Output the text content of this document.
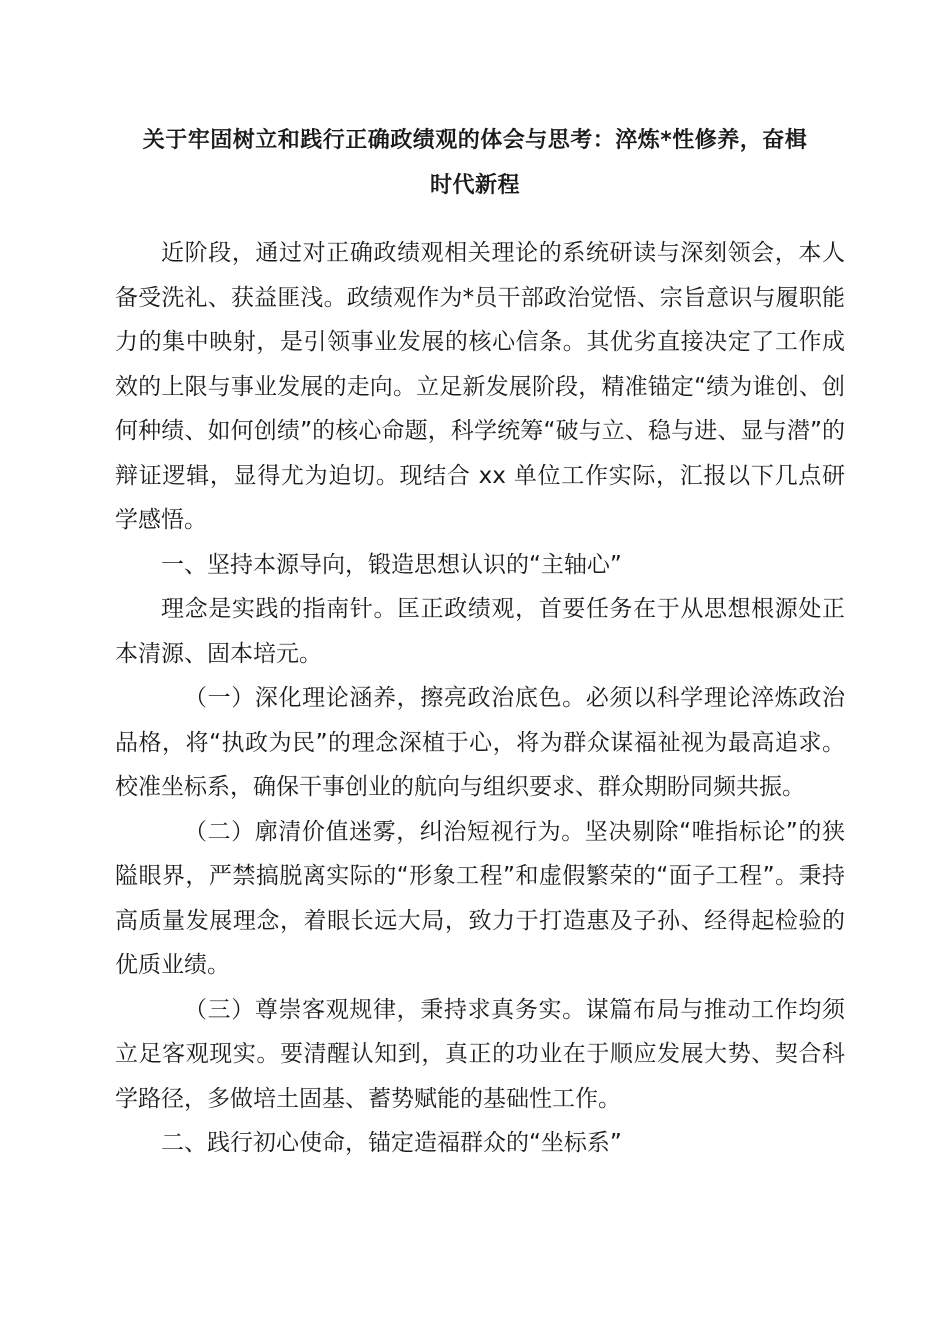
关于牢固树立和践行正确政绩观的体会与思考：淬炼*性修养，奋楫
时代新程

近阶段，通过对正确政绩观相关理论的系统研读与深刻领会，本人备受洗礼、获益匪浅。政绩观作为*员干部政治觉悟、宗旨意识与履职能力的集中映射，是引领事业发展的核心信条。其优劣直接决定了工作成效的上限与事业发展的走向。立足新发展阶段，精准锚定“绩为谁创、创何种绩、如何创绩”的核心命题，科学统筹“破与立、稳与进、显与潜”的辩证逻辑，显得尤为迫切。现结合 xx 单位工作实际，汇报以下几点研学感悟。

一、坚持本源导向，锻造思想认识的“主轴心”

理念是实践的指南针。匡正政绩观，首要任务在于从思想根源处正本清源、固本培元。

（一）深化理论涵养，擦亮政治底色。必须以科学理论淬炼政治品格，将“执政为民”的理念深植于心，将为群众谋福祉视为最高追求。校准坐标系，确保干事创业的航向与组织要求、群众期盼同频共振。

（二）廓清价值迷雾，纠治短视行为。坚决剔除“唯指标论”的狭隘眼界，严禁搞脱离实际的“形象工程”和虚假繁荣的“面子工程”。秉持高质量发展理念，着眼长远大局，致力于打造惠及子孙、经得起检验的优质业绩。

（三）尊崇客观规律，秉持求真务实。谋篇布局与推动工作均须立足客观现实。要清醒认知到，真正的功业在于顺应发展大势、契合科学路径，多做培土固基、蓄势赋能的基础性工作。

二、践行初心使命，锚定造福群众的“坐标系”
